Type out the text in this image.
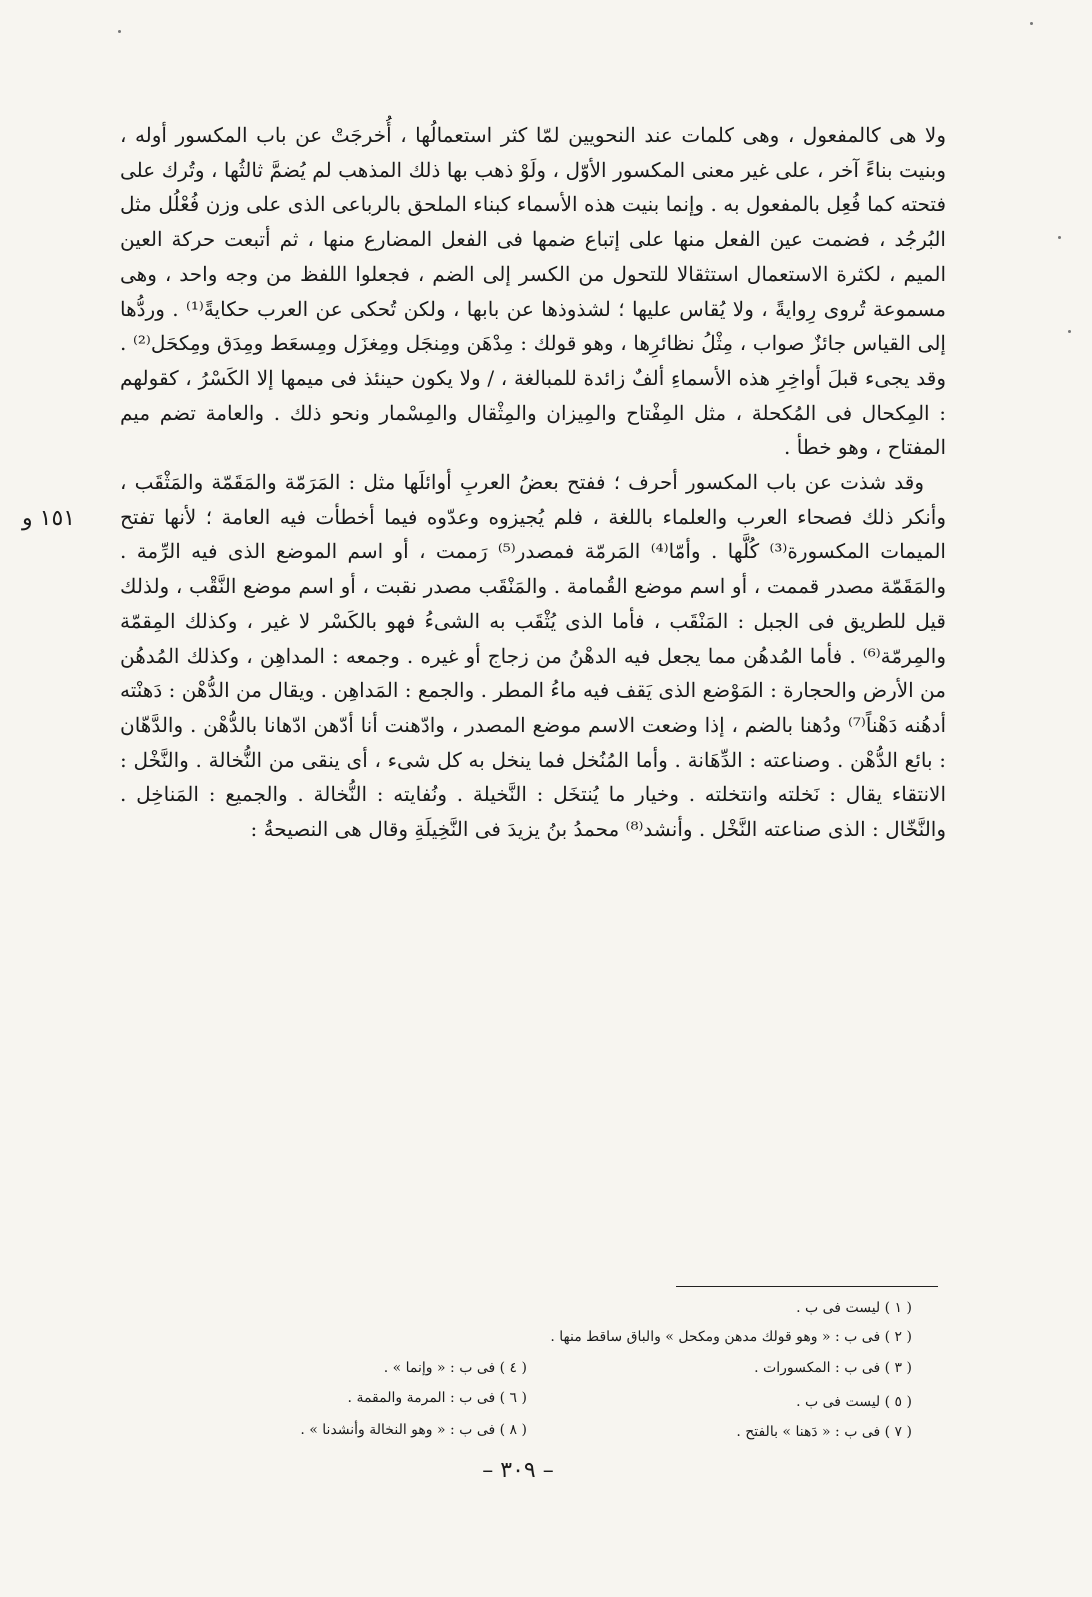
ولا هى كالمفعول ، وهى كلمات عند النحويين لمّا كثر استعمالُها ، أُخرجَتْ عن باب المكسور أوله ، وبنيت بناءً آخر ، على غير معنى المكسور الأوّل ، ولَوْ ذهب بها ذلك المذهب لم يُضمَّ ثالثُها ، وتُرك على فتحته كما فُعِل بالمفعول به . وإنما بنيت هذه الأسماء كبناء الملحق بالرباعى الذى على وزن فُعْلُل مثل البُرجُد ، فضمت عين الفعل منها على إتباع ضمها فى الفعل المضارع منها ، ثم أتبعت حركة العين الميم ، لكثرة الاستعمال استثقالا للتحول من الكسر إلى الضم ، فجعلوا اللفظ من وجه واحد ، وهى مسموعة تُروى رِوايةً ، ولا يُقاس عليها ؛ لشذوذها عن بابها ، ولكن تُحكى عن العرب حكايةً⁽¹⁾ . وردُّها إلى القياس جائزٌ صواب ، مِثْلُ نظائرِها ، وهو قولك : مِدْهَن ومِنجَل ومِغزَل ومِسعَط ومِدَق ومِكحَل⁽²⁾ . وقد يجىء قبلَ أواخِرِ هذه الأسماءِ ألفٌ زائدة للمبالغة ، / ولا يكون حينئذ فى ميمها إلا الكَسْرُ ، كقولهم : المِكحال فى المُكحلة ، مثل المِفْتاح والمِيزان والمِثْقال والمِسْمار ونحو ذلك . والعامة تضم ميم المفتاح ، وهو خطأ .

وقد شذت عن باب المكسور أحرف ؛ ففتح بعضُ العربِ أوائلَها مثل : المَرَمّة والمَقَمّة والمَثْقَب ، وأنكر ذلك فصحاء العرب والعلماء باللغة ، فلم يُجيزوه وعدّوه فيما أخطأت فيه العامة ؛ لأنها تفتح الميمات المكسورة⁽³⁾ كُلَّها . وأمّا⁽⁴⁾ المَرمّة فمصدر⁽⁵⁾ رَممت ، أو اسم الموضع الذى فيه الرِّمة . والمَقَمّة مصدر قممت ، أو اسم موضع القُمامة . والمَنْقَب مصدر نقبت ، أو اسم موضع النَّقْب ، ولذلك قيل للطريق فى الجبل : المَنْقَب ، فأما الذى يُثْقَب به الشىءُ فهو بالكَسْر لا غير ، وكذلك المِقمّة والمِرمّة⁽⁶⁾ . فأما المُدهُن مما يجعل فيه الدهْنُ من زجاج أو غيره . وجمعه : المداهِن ، وكذلك المُدهُن من الأرض والحجارة : المَوْضع الذى يَقف فيه ماءُ المطر . والجمع : المَداهِن . ويقال من الدُّهْن : دَهنْته أدهُنه دَهْناً⁽⁷⁾ ودُهنا بالضم ، إذا وضعت الاسم موضع المصدر ، وادّهنت أنا أدّهن ادّهانا بالدُّهْن . والدَّهّان : بائع الدُّهْن . وصناعته : الدِّهَانة . وأما المُنُخل فما ينخل به كل شىء ، أى ينقى من النُّخالة . والنَّخْل : الانتقاء يقال : نَخلته وانتخلته . وخيار ما يُنتخَل : النَّخيلة . ونُفايته : النُّخالة . والجميع : المَناخِل . والنَّخّال : الذى صناعته النَّخْل . وأنشد⁽⁸⁾ محمدُ بنُ يزيدَ فى النَّخِيلَةِ وقال هى النصيحةُ :

١٥١ و
( ١ ) ليست فى ب .
( ٢ ) فى ب : « وهو قولك مدهن ومكحل » والباق ساقط منها .
( ٣ ) فى ب : المكسورات .
( ٤ ) فى ب : « وإنما » .
( ٥ ) ليست فى ب .
( ٦ ) فى ب : المرمة والمقمة .
( ٧ ) فى ب : « دَهنا » بالفتح .
( ٨ ) فى ب : « وهو النخالة وأنشدنا » .
– ٣٠٩ –
